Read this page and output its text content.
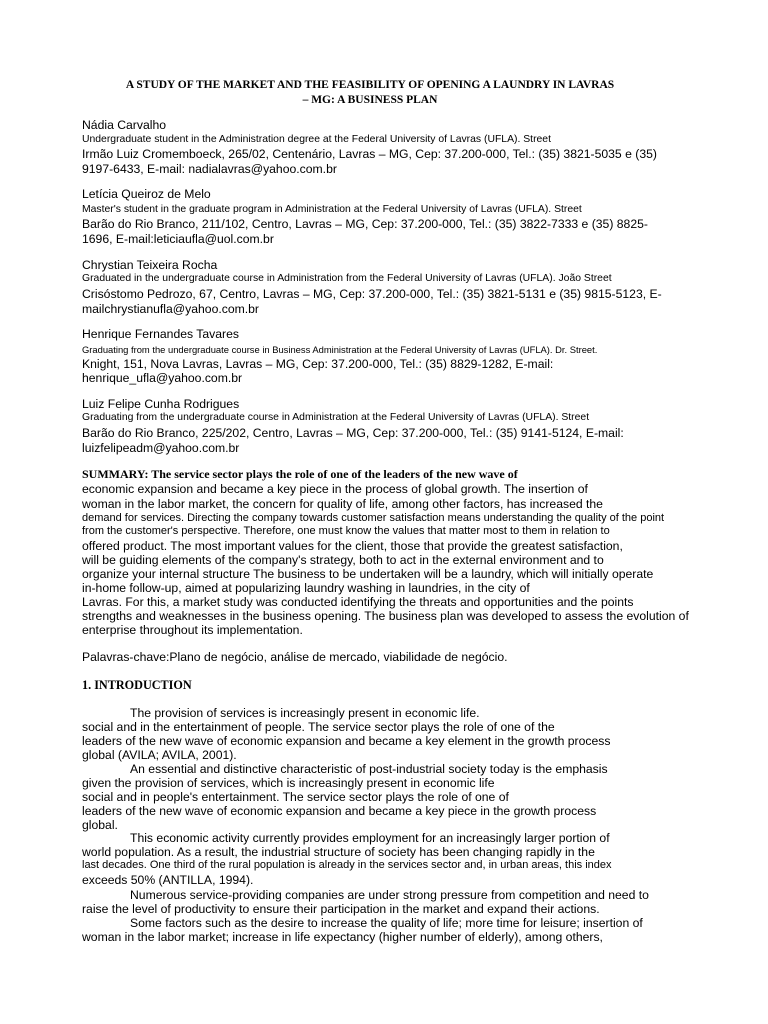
A STUDY OF THE MARKET AND THE FEASIBILITY OF OPENING A LAUNDRY IN LAVRAS
– MG: A BUSINESS PLAN
Nádia Carvalho
Undergraduate student in the Administration degree at the Federal University of Lavras (UFLA). Street
Irmão Luiz Cromemboeck, 265/02, Centenário, Lavras – MG, Cep: 37.200-000, Tel.: (35) 3821-5035 e (35)
9197-6433, E-mail: nadialavras@yahoo.com.br
Letícia Queiroz de Melo
Master's student in the graduate program in Administration at the Federal University of Lavras (UFLA). Street
Barão do Rio Branco, 211/102, Centro, Lavras – MG, Cep: 37.200-000, Tel.: (35) 3822-7333 e (35) 8825-
1696, E-mail:leticiaufla@uol.com.br
Chrystian Teixeira Rocha
Graduated in the undergraduate course in Administration from the Federal University of Lavras (UFLA). João Street
Crisóstomo Pedrozo, 67, Centro, Lavras – MG, Cep: 37.200-000, Tel.: (35) 3821-5131 e (35) 9815-5123, E-
mailchrystianufla@yahoo.com.br
Henrique Fernandes Tavares
Graduating from the undergraduate course in Business Administration at the Federal University of Lavras (UFLA). Dr. Street.
Knight, 151, Nova Lavras, Lavras – MG, Cep: 37.200-000, Tel.: (35) 8829-1282, E-mail:
henrique_ufla@yahoo.com.br
Luiz Felipe Cunha Rodrigues
Graduating from the undergraduate course in Administration at the Federal University of Lavras (UFLA). Street
Barão do Rio Branco, 225/202, Centro, Lavras – MG, Cep: 37.200-000, Tel.: (35) 9141-5124, E-mail:
luizfelipeadm@yahoo.com.br
SUMMARY: The service sector plays the role of one of the leaders of the new wave of
economic expansion and became a key piece in the process of global growth. The insertion of
woman in the labor market, the concern for quality of life, among other factors, has increased the
demand for services. Directing the company towards customer satisfaction means understanding the quality of the point
from the customer's perspective. Therefore, one must know the values that matter most to them in relation to
offered product. The most important values for the client, those that provide the greatest satisfaction,
will be guiding elements of the company's strategy, both to act in the external environment and to
organize your internal structure The business to be undertaken will be a laundry, which will initially operate
in-home follow-up, aimed at popularizing laundry washing in laundries, in the city of
Lavras. For this, a market study was conducted identifying the threats and opportunities and the points
strengths and weaknesses in the business opening. The business plan was developed to assess the evolution of
enterprise throughout its implementation.
Palavras-chave:Plano de negócio, análise de mercado, viabilidade de negócio.
1. INTRODUCTION
The provision of services is increasingly present in economic life.
social and in the entertainment of people. The service sector plays the role of one of the
leaders of the new wave of economic expansion and became a key element in the growth process
global (AVILA; AVILA, 2001).
An essential and distinctive characteristic of post-industrial society today is the emphasis
given the provision of services, which is increasingly present in economic life
social and in people's entertainment. The service sector plays the role of one of
leaders of the new wave of economic expansion and became a key piece in the growth process
global.
This economic activity currently provides employment for an increasingly larger portion of
world population. As a result, the industrial structure of society has been changing rapidly in the
last decades. One third of the rural population is already in the services sector and, in urban areas, this index
exceeds 50% (ANTILLA, 1994).
Numerous service-providing companies are under strong pressure from competition and need to
raise the level of productivity to ensure their participation in the market and expand their actions.
Some factors such as the desire to increase the quality of life; more time for leisure; insertion of
woman in the labor market; increase in life expectancy (higher number of elderly), among others,
